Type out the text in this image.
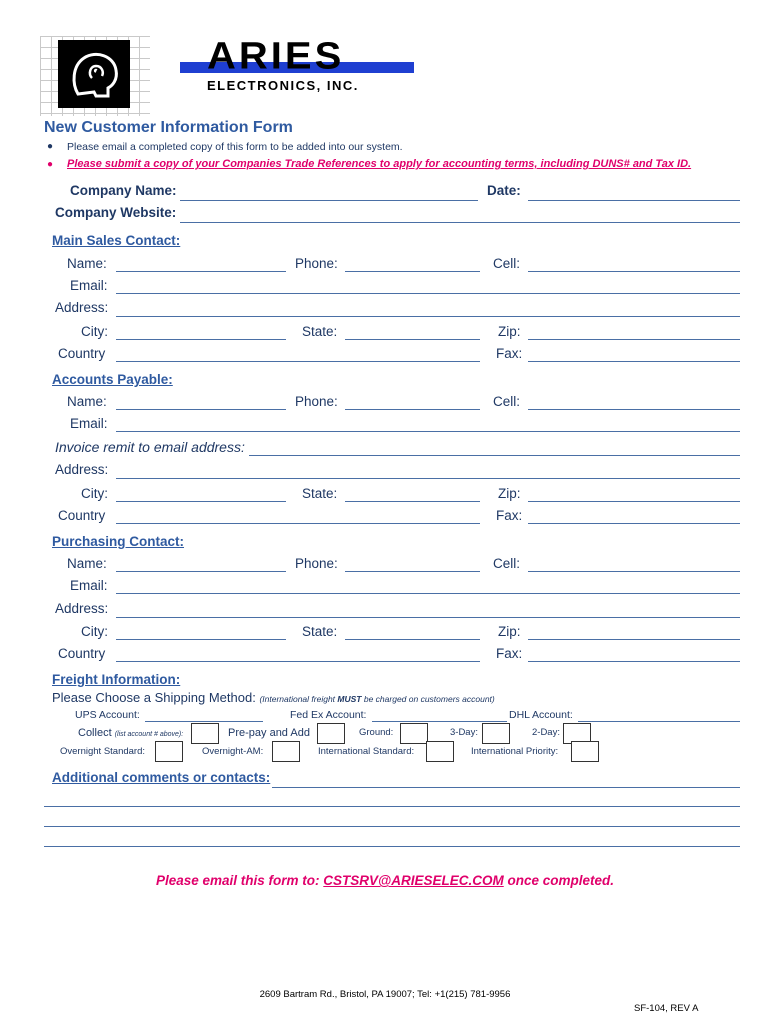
ARIES
ELECTRONICS, INC.
New Customer Information Form
● Please email a completed copy of this form to be added into our system.
● Please submit a copy of your Companies Trade References to apply for accounting terms, including DUNS# and Tax ID.
Company Name:	Date:
Company Website:
Main Sales Contact:
Name:	Phone:	Cell:
Email:
Address:
City:	State:	Zip:
Country	Fax:
Accounts Payable:
Name:	Phone:	Cell:
Email:
Invoice remit to email address:
Address:
City:	State:	Zip:
Country	Fax:
Purchasing Contact:
Name:	Phone:	Cell:
Email:
Address:
City:	State:	Zip:
Country	Fax:
Freight Information:
Please Choose a Shipping Method: (International freight MUST be charged on customers account)
UPS Account:	Fed Ex Account:	DHL Account:
Collect (list account # above):	Pre-pay and Add	Ground:	3-Day:	2-Day:
Overnight Standard:	Overnight-AM:	International Standard:	International Priority:
Additional comments or contacts:
Please email this form to: CSTSRV@ARIESELEC.COM once completed.
2609 Bartram Rd., Bristol, PA 19007; Tel: +1(215) 781-9956
SF-104, REV A
